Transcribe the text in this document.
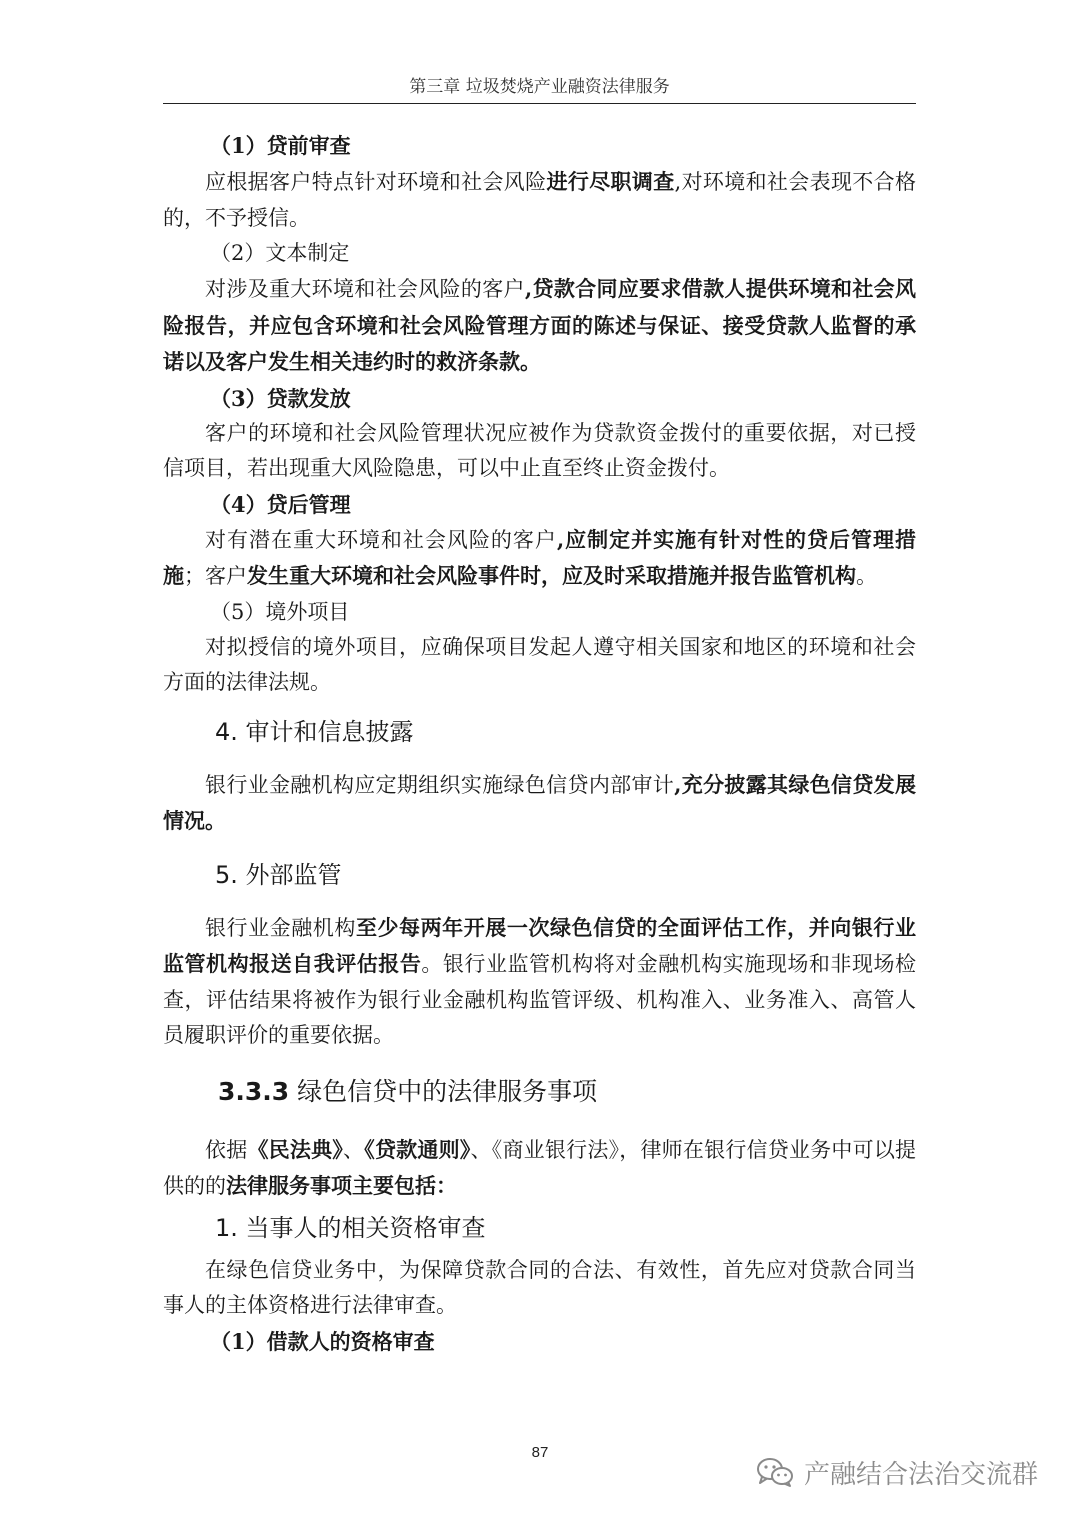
第三章 垃圾焚烧产业融资法律服务

（1）贷前审查

应根据客户特点针对环境和社会风险进行尽职调查,对环境和社会表现不合格的，不予授信。

（2）文本制定

对涉及重大环境和社会风险的客户,贷款合同应要求借款人提供环境和社会风险报告，并应包含环境和社会风险管理方面的陈述与保证、接受贷款人监督的承诺以及客户发生相关违约时的救济条款。

（3）贷款发放

客户的环境和社会风险管理状况应被作为贷款资金拨付的重要依据，对已授信项目，若出现重大风险隐患，可以中止直至终止资金拨付。

（4）贷后管理

对有潜在重大环境和社会风险的客户,应制定并实施有针对性的贷后管理措施；客户发生重大环境和社会风险事件时，应及时采取措施并报告监管机构。

（5）境外项目

对拟授信的境外项目，应确保项目发起人遵守相关国家和地区的环境和社会方面的法律法规。

4. 审计和信息披露

银行业金融机构应定期组织实施绿色信贷内部审计,充分披露其绿色信贷发展情况。

5. 外部监管

银行业金融机构至少每两年开展一次绿色信贷的全面评估工作，并向银行业监管机构报送自我评估报告。银行业监管机构将对金融机构实施现场和非现场检查，评估结果将被作为银行业金融机构监管评级、机构准入、业务准入、高管人员履职评价的重要依据。

3.3.3 绿色信贷中的法律服务事项

依据《民法典》、《贷款通则》、《商业银行法》，律师在银行信贷业务中可以提供的的法律服务事项主要包括：

1. 当事人的相关资格审查

在绿色信贷业务中，为保障贷款合同的合法、有效性，首先应对贷款合同当事人的主体资格进行法律审查。

（1）借款人的资格审查

87
产融结合法治交流群
